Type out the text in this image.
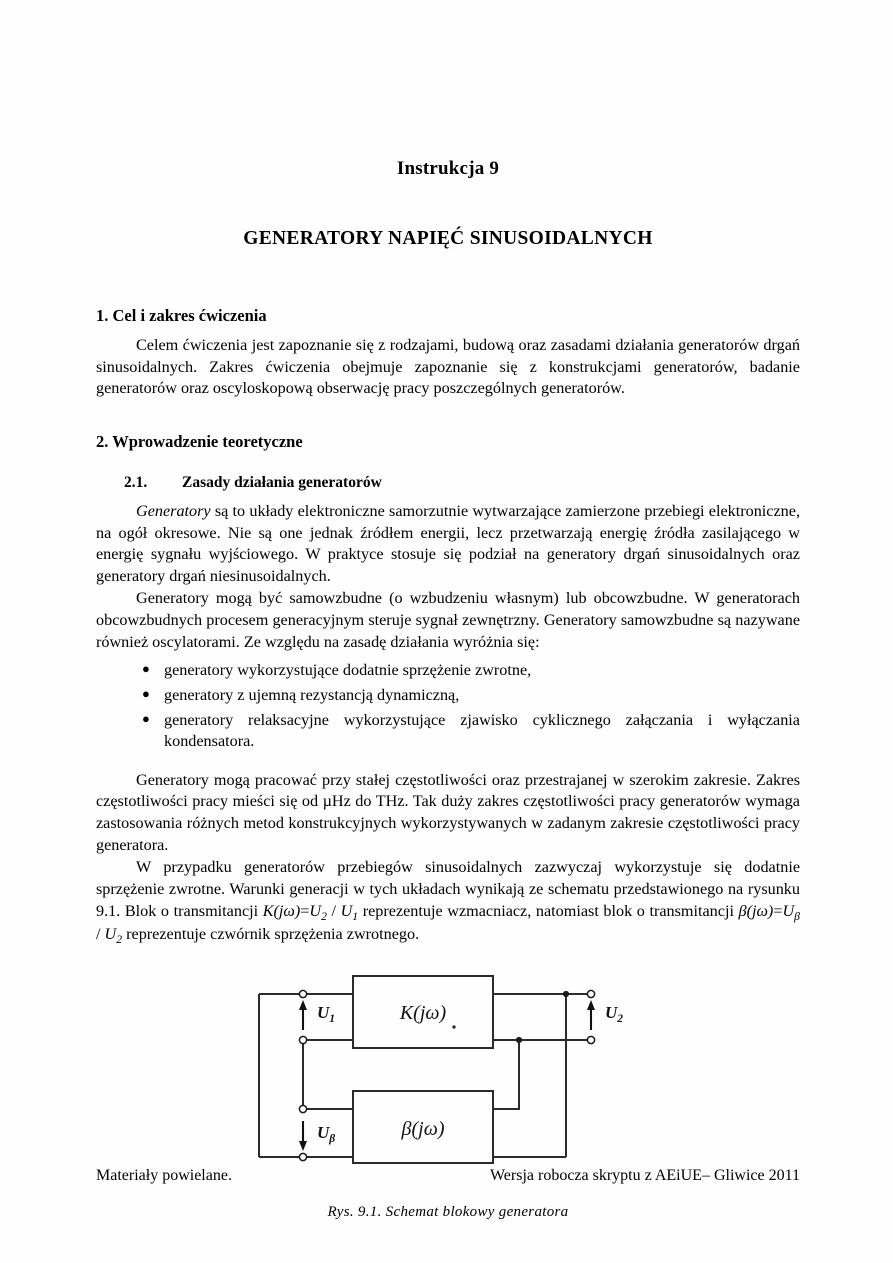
Instrukcja 9
GENERATORY NAPIĘĆ SINUSOIDALNYCH
1. Cel i zakres ćwiczenia

Celem ćwiczenia jest zapoznanie się z rodzajami, budową oraz zasadami działania generatorów drgań sinusoidalnych. Zakres ćwiczenia obejmuje zapoznanie się z konstrukcjami generatorów, badanie generatorów oraz oscyloskopową obserwację pracy poszczególnych generatorów.

2. Wprowadzenie teoretyczne
2.1. Zasady działania generatorów

Generatory są to układy elektroniczne samorzutnie wytwarzające zamierzone przebiegi elektroniczne, na ogół okresowe. Nie są one jednak źródłem energii, lecz przetwarzają energię źródła zasilającego w energię sygnału wyjściowego. W praktyce stosuje się podział na generatory drgań sinusoidalnych oraz generatory drgań niesinusoidalnych.

Generatory mogą być samowzbudne (o wzbudzeniu własnym) lub obcowzbudne. W generatorach obcowzbudnych procesem generacyjnym steruje sygnał zewnętrzny. Generatory samowzbudne są nazywane również oscylatorami. Ze względu na zasadę działania wyróżnia się:

● generatory wykorzystujące dodatnie sprzężenie zwrotne,
● generatory z ujemną rezystancją dynamiczną,
● generatory relaksacyjne wykorzystujące zjawisko cyklicznego załączania i wyłączania kondensatora.

Generatory mogą pracować przy stałej częstotliwości oraz przestrajanej w szerokim zakresie. Zakres częstotliwości pracy mieści się od µHz do THz. Tak duży zakres częstotliwości pracy generatorów wymaga zastosowania różnych metod konstrukcyjnych wykorzystywanych w zadanym zakresie częstotliwości pracy generatora.

W przypadku generatorów przebiegów sinusoidalnych zazwyczaj wykorzystuje się dodatnie sprzężenie zwrotne. Warunki generacji w tych układach wynikają ze schematu przedstawionego na rysunku 9.1. Blok o transmitancji $K(j\omega)=U_2 / U_1$ reprezentuje wzmacniacz, natomiast blok o transmitancji $\beta(j\omega)=U_\beta / U_2$ reprezentuje czwórnik sprzężenia zwrotnego.

K(jω)
β(jω)
$U_1$	$U_2$
$U_\beta$

Rys. 9.1. Schemat blokowy generatora

Materiały powielane.	Wersja robocza skryptu z AEiUE– Gliwice 2011
